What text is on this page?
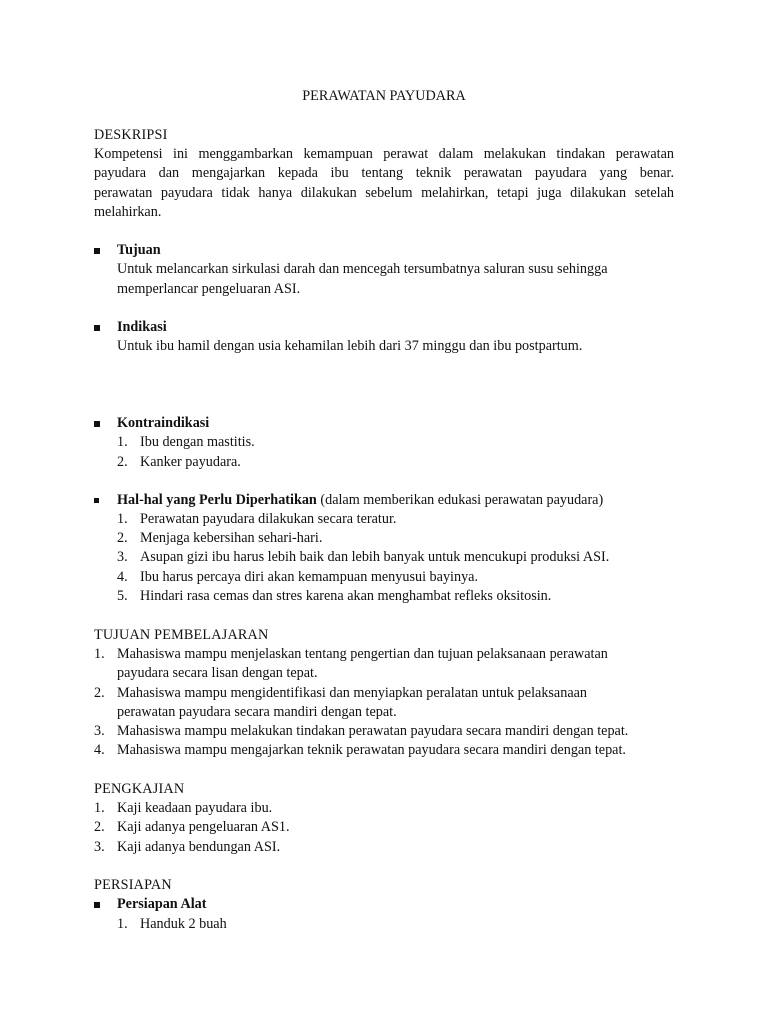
PERAWATAN PAYUDARA
DESKRIPSI
Kompetensi ini menggambarkan kemampuan perawat dalam melakukan tindakan perawatan
payudara dan mengajarkan kepada ibu tentang teknik perawatan payudara yang benar.
perawatan payudara tidak hanya dilakukan sebelum melahirkan, tetapi juga dilakukan setelah
melahirkan.
Tujuan
Untuk melancarkan sirkulasi darah dan mencegah tersumbatnya saluran susu sehingga
memperlancar pengeluaran ASI.
Indikasi
Untuk ibu hamil dengan usia kehamilan lebih dari 37 minggu dan ibu postpartum.
Kontraindikasi
1. Ibu dengan mastitis.
2. Kanker payudara.
Hal-hal yang Perlu Diperhatikan (dalam memberikan edukasi perawatan payudara)
1. Perawatan payudara dilakukan secara teratur.
2. Menjaga kebersihan sehari-hari.
3. Asupan gizi ibu harus lebih baik dan lebih banyak untuk mencukupi produksi ASI.
4. Ibu harus percaya diri akan kemampuan menyusui bayinya.
5. Hindari rasa cemas dan stres karena akan menghambat refleks oksitosin.
TUJUAN PEMBELAJARAN
1. Mahasiswa mampu menjelaskan tentang pengertian dan tujuan pelaksanaan perawatan
payudara secara lisan dengan tepat.
2. Mahasiswa mampu mengidentifikasi dan menyiapkan peralatan untuk pelaksanaan
perawatan payudara secara mandiri dengan tepat.
3. Mahasiswa mampu melakukan tindakan perawatan payudara secara mandiri dengan tepat.
4. Mahasiswa mampu mengajarkan teknik perawatan payudara secara mandiri dengan tepat.
PENGKAJIAN
1. Kaji keadaan payudara ibu.
2. Kaji adanya pengeluaran AS1.
3. Kaji adanya bendungan ASI.
PERSIAPAN
Persiapan Alat
1. Handuk 2 buah
